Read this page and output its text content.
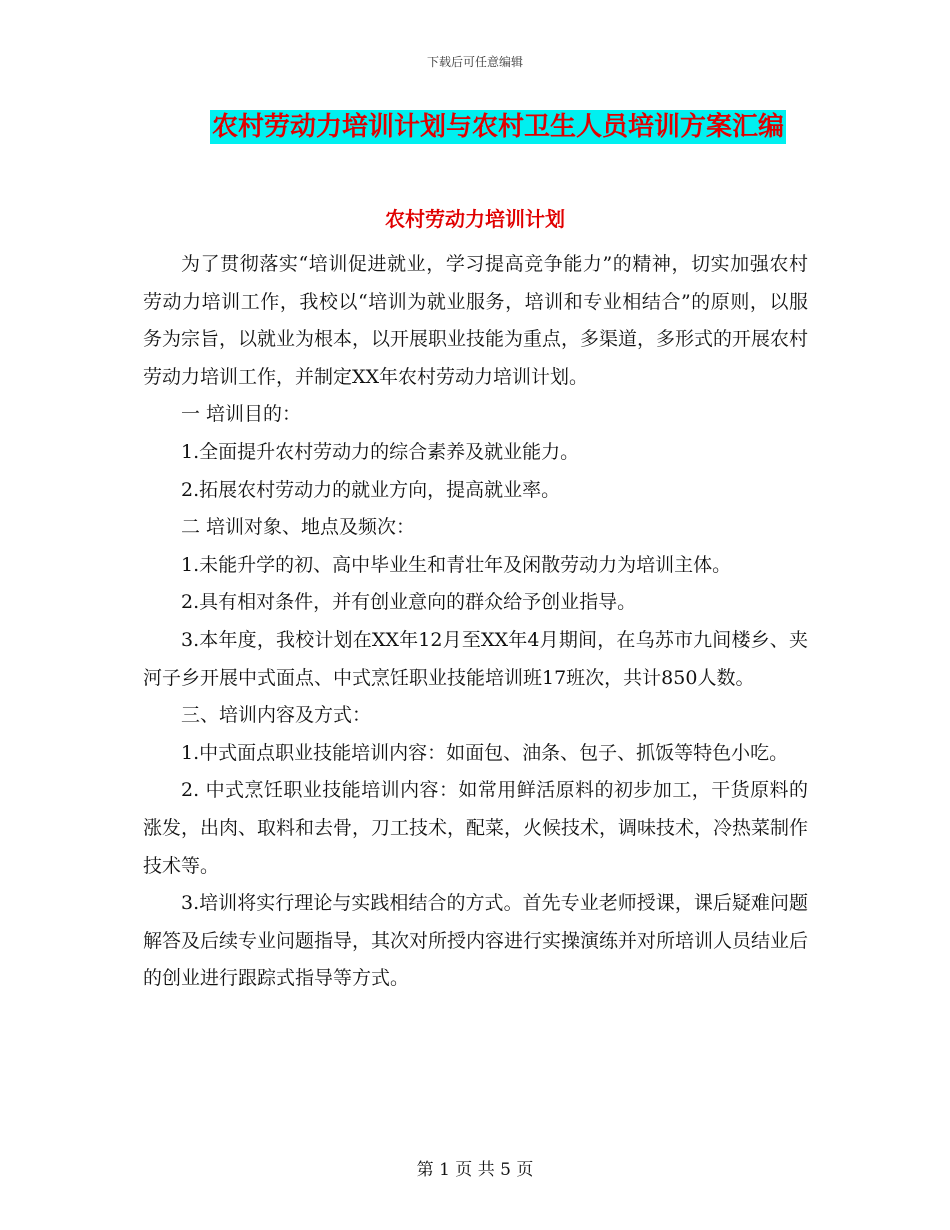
下载后可任意编辑
农村劳动力培训计划与农村卫生人员培训方案汇编
农村劳动力培训计划

为了贯彻落实“培训促进就业，学习提高竞争能力”的精神，切实加强农村劳动力培训工作，我校以“培训为就业服务，培训和专业相结合”的原则，以服务为宗旨，以就业为根本，以开展职业技能为重点，多渠道，多形式的开展农村劳动力培训工作，并制定XX年农村劳动力培训计划。

一 培训目的：

1.全面提升农村劳动力的综合素养及就业能力。

2.拓展农村劳动力的就业方向，提高就业率。

二 培训对象、地点及频次：

1.未能升学的初、高中毕业生和青壮年及闲散劳动力为培训主体。

2.具有相对条件，并有创业意向的群众给予创业指导。

3.本年度，我校计划在XX年12月至XX年4月期间，在乌苏市九间楼乡、夹河子乡开展中式面点、中式烹饪职业技能培训班17班次，共计850人数。

三、培训内容及方式：

1.中式面点职业技能培训内容：如面包、油条、包子、抓饭等特色小吃。

2. 中式烹饪职业技能培训内容：如常用鲜活原料的初步加工，干货原料的涨发，出肉、取料和去骨，刀工技术，配菜，火候技术，调味技术，冷热菜制作技术等。

3.培训将实行理论与实践相结合的方式。首先专业老师授课，课后疑难问题解答及后续专业问题指导，其次对所授内容进行实操演练并对所培训人员结业后的创业进行跟踪式指导等方式。

第 1 页 共 5 页
